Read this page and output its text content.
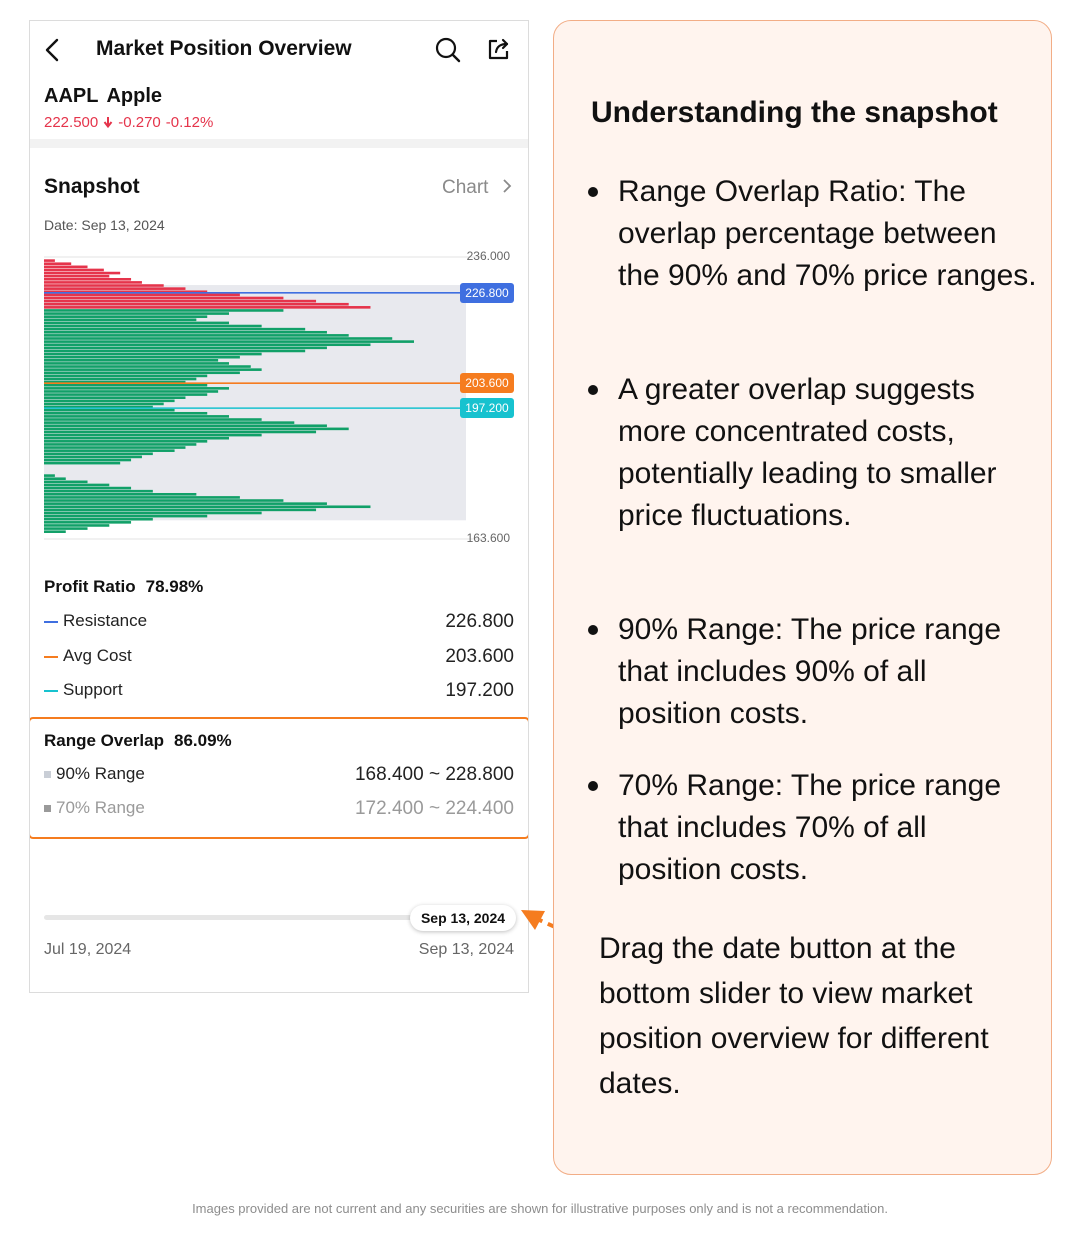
Market Position Overview
AAPL Apple
222.500 -0.270 -0.12%
Snapshot	Chart
Date: Sep 13, 2024
226.800
203.600
197.200
236.000
163.600
Profit Ratio 78.98%
Resistance	226.800
Avg Cost	203.600
Support	197.200
Range Overlap 86.09%
90% Range	168.400 ~ 228.800
70% Range	172.400 ~ 224.400
Sep 13, 2024
Jul 19, 2024	Sep 13, 2024
Understanding the snapshot
Range Overlap Ratio: The overlap percentage between the 90% and 70% price ranges.
A greater overlap suggests more concentrated costs, potentially leading to smaller price fluctuations.
90% Range: The price range that includes 90% of all position costs.
70% Range: The price range that includes 70% of all position costs.
Drag the date button at the bottom slider to view market position overview for different dates.
Images provided are not current and any securities are shown for illustrative purposes only and is not a recommendation.
